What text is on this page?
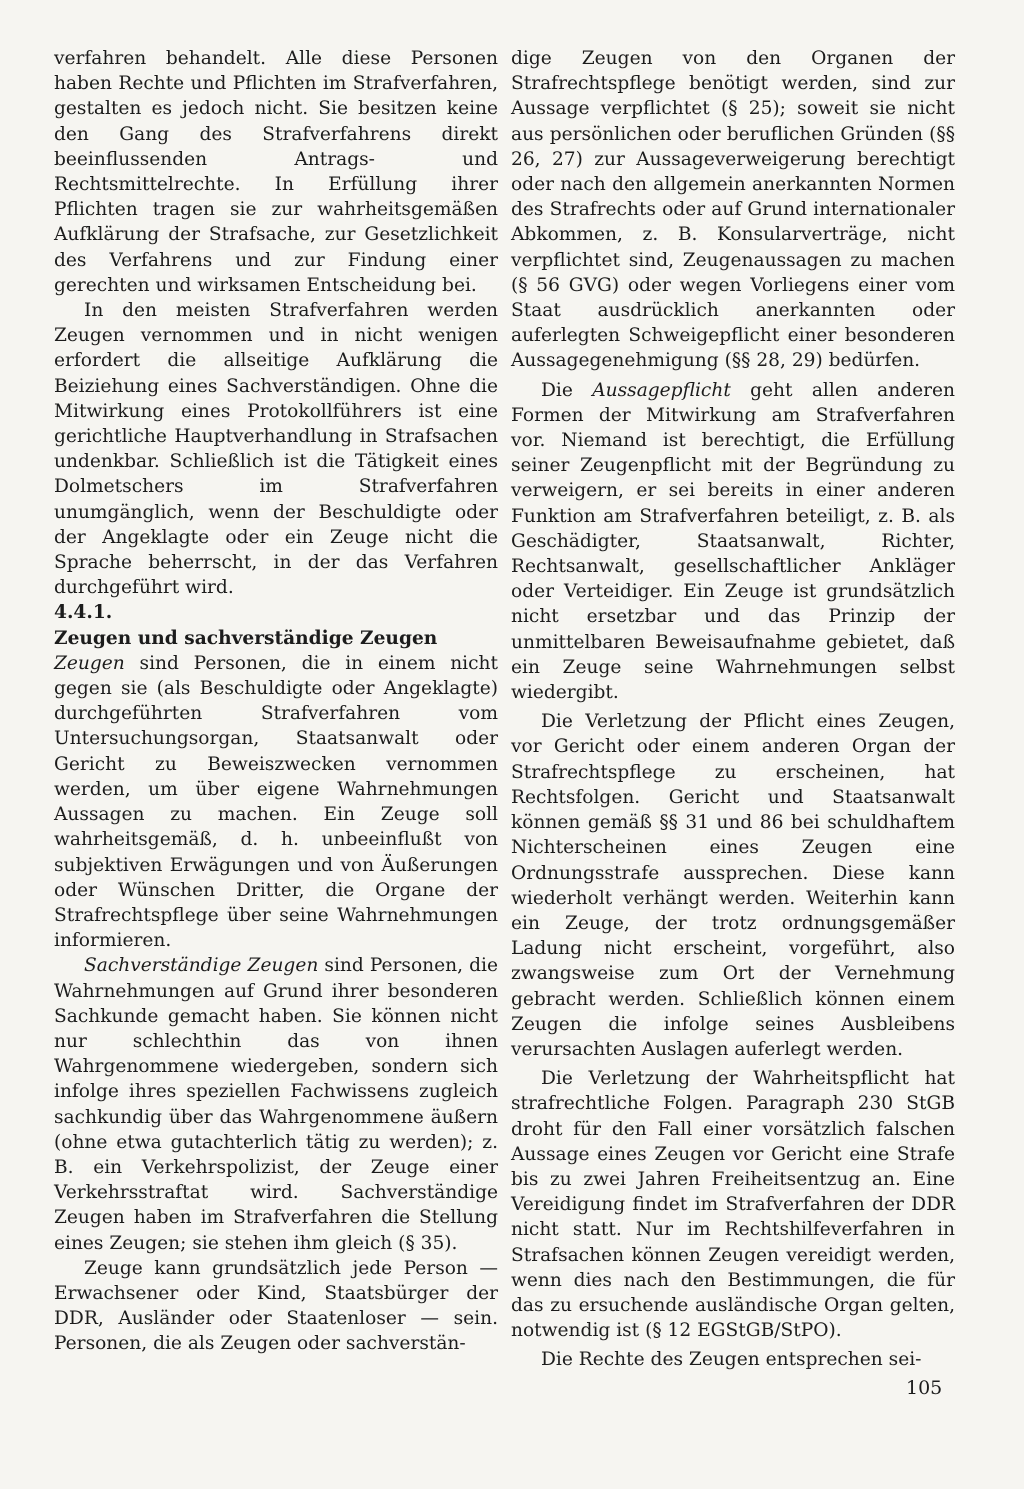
verfahren behandelt. Alle diese Personen haben Rechte und Pflichten im Strafverfahren, gestalten es jedoch nicht. Sie besitzen keine den Gang des Strafverfahrens direkt beeinflussenden Antrags- und Rechtsmittelrechte. In Erfüllung ihrer Pflichten tragen sie zur wahrheitsgemäßen Aufklärung der Strafsache, zur Gesetzlichkeit des Verfahrens und zur Findung einer gerechten und wirksamen Entscheidung bei.

In den meisten Strafverfahren werden Zeugen vernommen und in nicht wenigen erfordert die allseitige Aufklärung die Beiziehung eines Sachverständigen. Ohne die Mitwirkung eines Protokollführers ist eine gerichtliche Hauptverhandlung in Strafsachen undenkbar. Schließlich ist die Tätigkeit eines Dolmetschers im Strafverfahren unumgänglich, wenn der Beschuldigte oder der Angeklagte oder ein Zeuge nicht die Sprache beherrscht, in der das Verfahren durchgeführt wird.

4.4.1.

Zeugen und sachverständige Zeugen

Zeugen sind Personen, die in einem nicht gegen sie (als Beschuldigte oder Angeklagte) durchgeführten Strafverfahren vom Untersuchungsorgan, Staatsanwalt oder Gericht zu Beweiszwecken vernommen werden, um über eigene Wahrnehmungen Aussagen zu machen. Ein Zeuge soll wahrheitsgemäß, d. h. unbeeinflußt von subjektiven Erwägungen und von Äußerungen oder Wünschen Dritter, die Organe der Strafrechtspflege über seine Wahrnehmungen informieren.

Sachverständige Zeugen sind Personen, die Wahrnehmungen auf Grund ihrer besonderen Sachkunde gemacht haben. Sie können nicht nur schlechthin das von ihnen Wahrgenommene wiedergeben, sondern sich infolge ihres speziellen Fachwissens zugleich sachkundig über das Wahrgenommene äußern (ohne etwa gutachterlich tätig zu werden); z. B. ein Verkehrspolizist, der Zeuge einer Verkehrsstraftat wird. Sachverständige Zeugen haben im Strafverfahren die Stellung eines Zeugen; sie stehen ihm gleich (§ 35).

Zeuge kann grundsätzlich jede Person — Erwachsener oder Kind, Staatsbürger der DDR, Ausländer oder Staatenloser — sein. Personen, die als Zeugen oder sachverstän-

dige Zeugen von den Organen der Strafrechtspflege benötigt werden, sind zur Aussage verpflichtet (§ 25); soweit sie nicht aus persönlichen oder beruflichen Gründen (§§ 26, 27) zur Aussageverweigerung berechtigt oder nach den allgemein anerkannten Normen des Strafrechts oder auf Grund internationaler Abkommen, z. B. Konsularverträge, nicht verpflichtet sind, Zeugenaussagen zu machen (§ 56 GVG) oder wegen Vorliegens einer vom Staat ausdrücklich anerkannten oder auferlegten Schweigepflicht einer besonderen Aussagegenehmigung (§§ 28, 29) bedürfen.

Die Aussagepflicht geht allen anderen Formen der Mitwirkung am Strafverfahren vor. Niemand ist berechtigt, die Erfüllung seiner Zeugenpflicht mit der Begründung zu verweigern, er sei bereits in einer anderen Funktion am Strafverfahren beteiligt, z. B. als Geschädigter, Staatsanwalt, Richter, Rechtsanwalt, gesellschaftlicher Ankläger oder Verteidiger. Ein Zeuge ist grundsätzlich nicht ersetzbar und das Prinzip der unmittelbaren Beweisaufnahme gebietet, daß ein Zeuge seine Wahrnehmungen selbst wiedergibt.

Die Verletzung der Pflicht eines Zeugen, vor Gericht oder einem anderen Organ der Strafrechtspflege zu erscheinen, hat Rechtsfolgen. Gericht und Staatsanwalt können gemäß §§ 31 und 86 bei schuldhaftem Nichterscheinen eines Zeugen eine Ordnungsstrafe aussprechen. Diese kann wiederholt verhängt werden. Weiterhin kann ein Zeuge, der trotz ordnungsgemäßer Ladung nicht erscheint, vorgeführt, also zwangsweise zum Ort der Vernehmung gebracht werden. Schließlich können einem Zeugen die infolge seines Ausbleibens verursachten Auslagen auferlegt werden.

Die Verletzung der Wahrheitspflicht hat strafrechtliche Folgen. Paragraph 230 StGB droht für den Fall einer vorsätzlich falschen Aussage eines Zeugen vor Gericht eine Strafe bis zu zwei Jahren Freiheitsentzug an. Eine Vereidigung findet im Strafverfahren der DDR nicht statt. Nur im Rechtshilfeverfahren in Strafsachen können Zeugen vereidigt werden, wenn dies nach den Bestimmungen, die für das zu ersuchende ausländische Organ gelten, notwendig ist (§ 12 EGStGB/StPO).

Die Rechte des Zeugen entsprechen sei-

105
